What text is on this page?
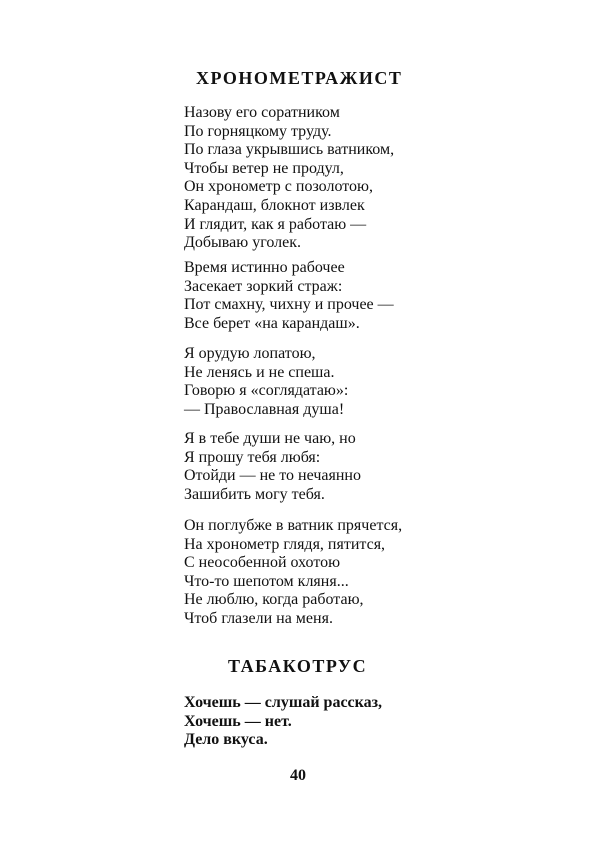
ХРОНОМЕТРАЖИСТ
Назову его соратником
По горняцкому труду.
По глаза укрывшись ватником,
Чтобы ветер не продул,
Он хронометр с позолотою,
Карандаш, блокнот извлек
И глядит, как я работаю —
Добываю уголек.
Время истинно рабочее
Засекает зоркий страж:
Пот смахну, чихну и прочее —
Все берет «на карандаш».
Я орудую лопатою,
Не ленясь и не спеша.
Говорю я «соглядатаю»:
— Православная душа!
Я в тебе души не чаю, но
Я прошу тебя любя:
Отойди — не то нечаянно
Зашибить могу тебя.
Он поглубже в ватник прячется,
На хронометр глядя, пятится,
С неособенной охотою
Что-то шепотом кляня...
Не люблю, когда работаю,
Чтоб глазели на меня.
ТАБАКОТРУС
Хочешь — слушай рассказ,
Хочешь — нет.
Дело вкуса.
40
